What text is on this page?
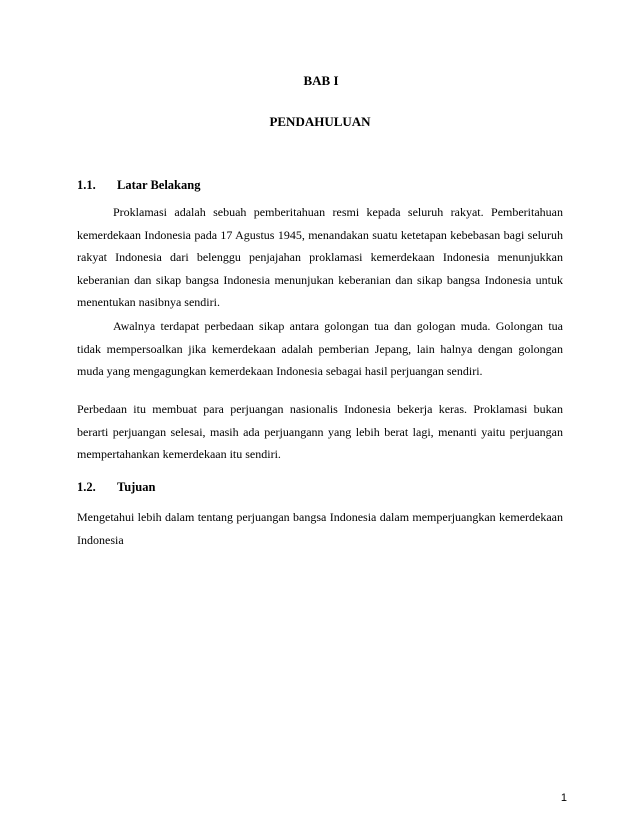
BAB I
PENDAHULUAN
1.1. Latar Belakang

Proklamasi adalah sebuah pemberitahuan resmi kepada seluruh rakyat. Pemberitahuan kemerdekaan Indonesia pada 17 Agustus 1945, menandakan suatu ketetapan kebebasan bagi seluruh rakyat Indonesia dari belenggu penjajahan proklamasi kemerdekaan Indonesia menunjukkan keberanian dan sikap bangsa Indonesia menunjukan keberanian dan sikap bangsa Indonesia untuk menentukan nasibnya sendiri.

Awalnya terdapat perbedaan sikap antara golongan tua dan gologan muda. Golongan tua tidak mempersoalkan jika kemerdekaan adalah pemberian Jepang, lain halnya dengan golongan muda yang mengagungkan kemerdekaan Indonesia sebagai hasil perjuangan sendiri.

Perbedaan itu membuat para perjuangan nasionalis Indonesia bekerja keras. Proklamasi bukan berarti perjuangan selesai, masih ada perjuangann yang lebih berat lagi, menanti yaitu perjuangan mempertahankan kemerdekaan itu sendiri.

1.2. Tujuan

Mengetahui lebih dalam tentang perjuangan bangsa Indonesia dalam memperjuangkan kemerdekaan Indonesia

1
